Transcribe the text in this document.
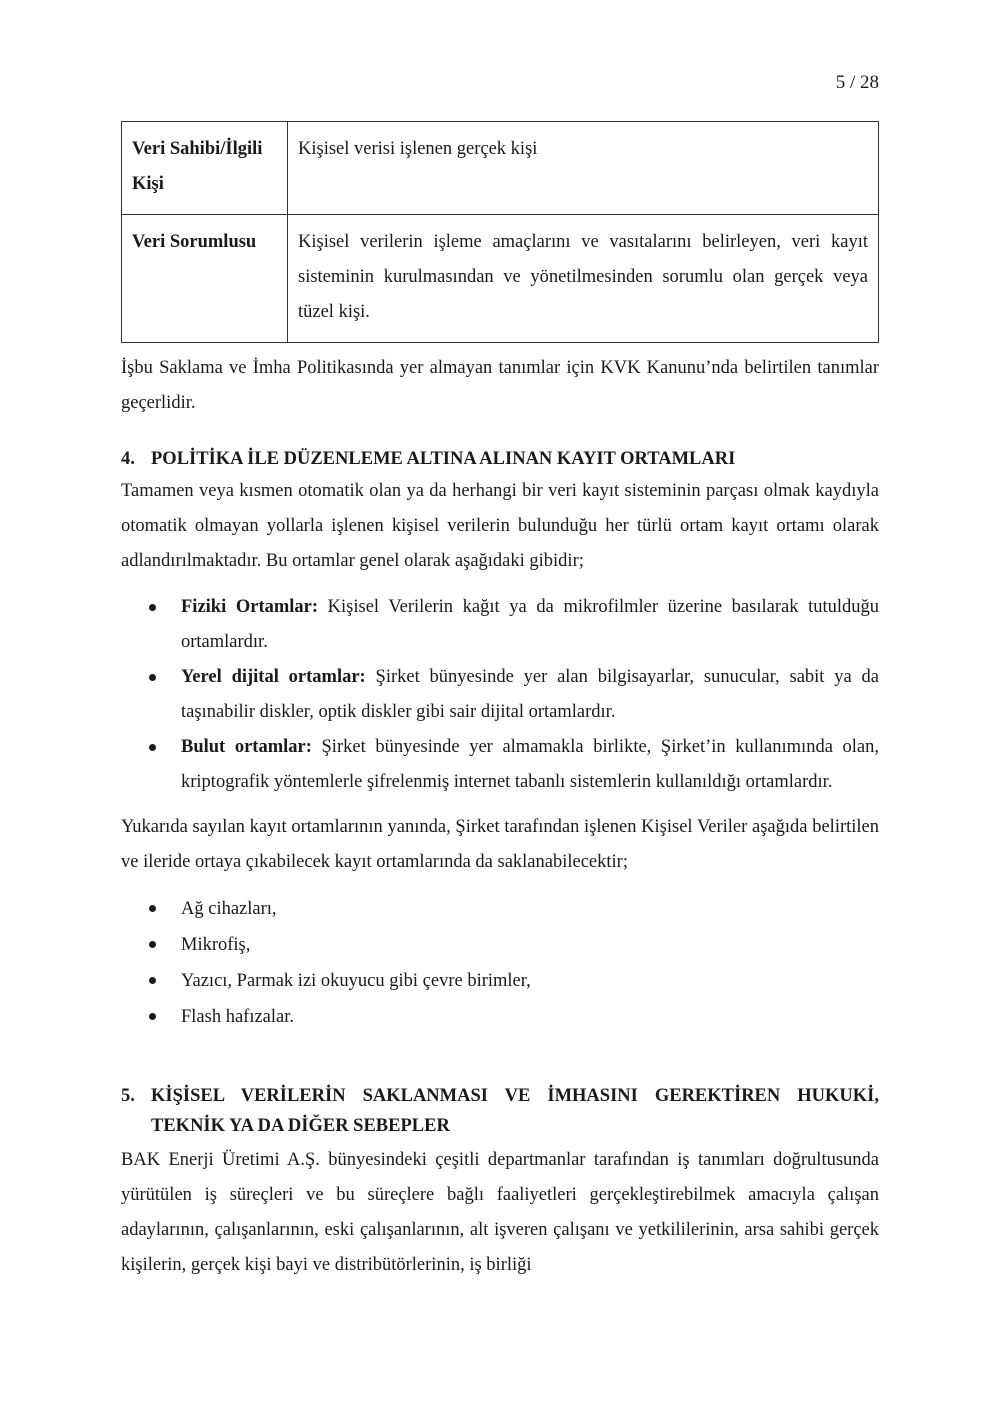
5 / 28
Veri Sahibi/İlgili Kişi	Kişisel verisi işlenen gerçek kişi
Veri Sorumlusu	Kişisel verilerin işleme amaçlarını ve vasıtalarını belirleyen, veri kayıt sisteminin kurulmasından ve yönetilmesinden sorumlu olan gerçek veya tüzel kişi.

İşbu Saklama ve İmha Politikasında yer almayan tanımlar için KVK Kanunu’nda belirtilen tanımlar geçerlidir.

4. POLİTİKA İLE DÜZENLEME ALTINA ALINAN KAYIT ORTAMLARI

Tamamen veya kısmen otomatik olan ya da herhangi bir veri kayıt sisteminin parçası olmak kaydıyla otomatik olmayan yollarla işlenen kişisel verilerin bulunduğu her türlü ortam kayıt ortamı olarak adlandırılmaktadır. Bu ortamlar genel olarak aşağıdaki gibidir;

Fiziki Ortamlar: Kişisel Verilerin kağıt ya da mikrofilmler üzerine basılarak tutulduğu ortamlardır.
Yerel dijital ortamlar: Şirket bünyesinde yer alan bilgisayarlar, sunucular, sabit ya da taşınabilir diskler, optik diskler gibi sair dijital ortamlardır.
Bulut ortamlar: Şirket bünyesinde yer almamakla birlikte, Şirket’in kullanımında olan, kriptografik yöntemlerle şifrelenmiş internet tabanlı sistemlerin kullanıldığı ortamlardır.

Yukarıda sayılan kayıt ortamlarının yanında, Şirket tarafından işlenen Kişisel Veriler aşağıda belirtilen ve ileride ortaya çıkabilecek kayıt ortamlarında da saklanabilecektir;

Ağ cihazları,
Mikrofiş,
Yazıcı, Parmak izi okuyucu gibi çevre birimler,
Flash hafızalar.
5. KİŞİSEL VERİLERİN SAKLANMASI VE İMHASINI GEREKTİREN HUKUKİ, TEKNİK YA DA DİĞER SEBEPLER

BAK Enerji Üretimi A.Ş. bünyesindeki çeşitli departmanlar tarafından iş tanımları doğrultusunda yürütülen iş süreçleri ve bu süreçlere bağlı faaliyetleri gerçekleştirebilmek amacıyla çalışan adaylarının, çalışanlarının, eski çalışanlarının, alt işveren çalışanı ve yetkililerinin, arsa sahibi gerçek kişilerin, gerçek kişi bayi ve distribütörlerinin, iş birliği
